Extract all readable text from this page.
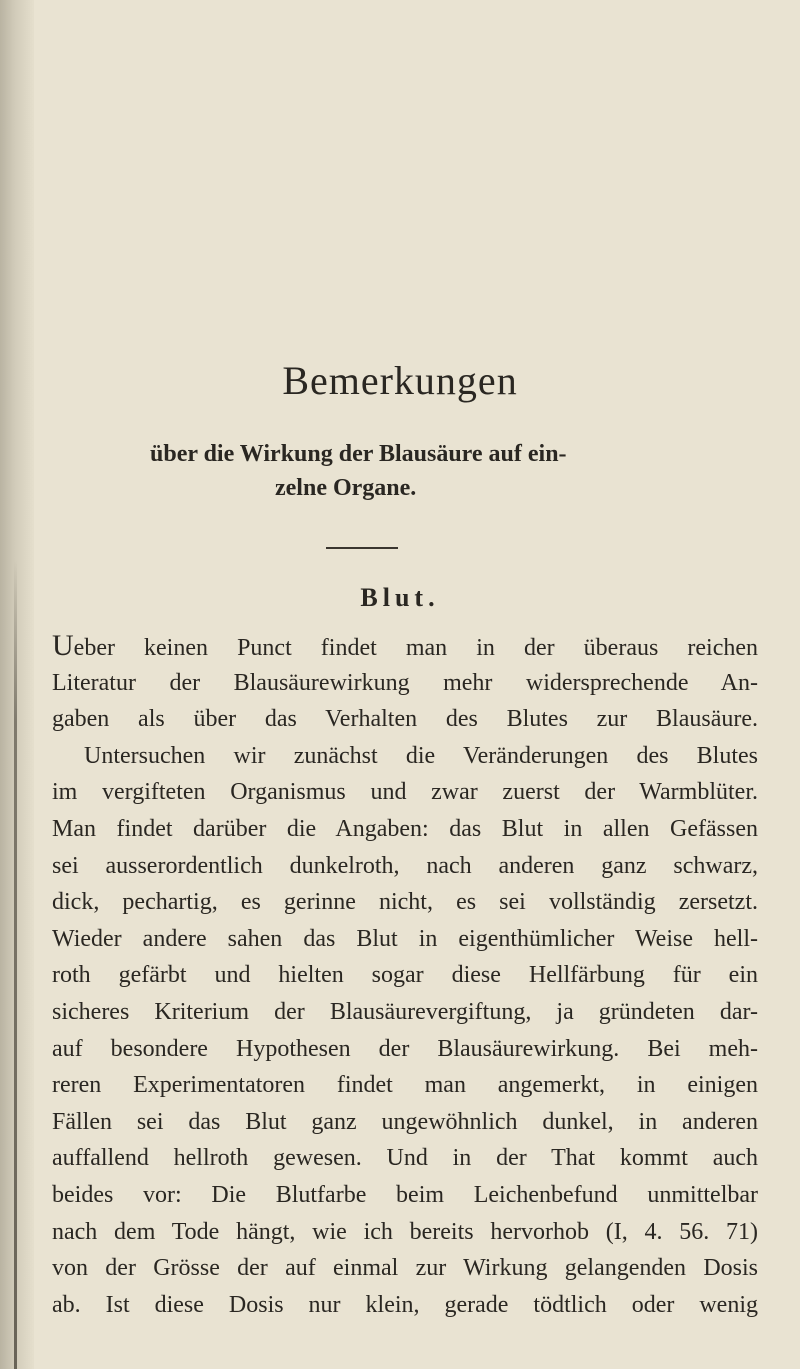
Bemerkungen
über die Wirkung der Blausäure auf ein-
zelne Organe.
Blut.
Ueber keinen Punct findet man in der überaus reichen
Literatur der Blausäurewirkung mehr widersprechende An-
gaben als über das Verhalten des Blutes zur Blausäure.
Untersuchen wir zunächst die Veränderungen des Blutes
im vergifteten Organismus und zwar zuerst der Warmblüter.
Man findet darüber die Angaben: das Blut in allen Gefässen
sei ausserordentlich dunkelroth, nach anderen ganz schwarz,
dick, pechartig, es gerinne nicht, es sei vollständig zersetzt.
Wieder andere sahen das Blut in eigenthümlicher Weise hell-
roth gefärbt und hielten sogar diese Hellfärbung für ein
sicheres Kriterium der Blausäurevergiftung, ja gründeten dar-
auf besondere Hypothesen der Blausäurewirkung. Bei meh-
reren Experimentatoren findet man angemerkt, in einigen
Fällen sei das Blut ganz ungewöhnlich dunkel, in anderen
auffallend hellroth gewesen. Und in der That kommt auch
beides vor: Die Blutfarbe beim Leichenbefund unmittelbar
nach dem Tode hängt, wie ich bereits hervorhob (I, 4. 56. 71)
von der Grösse der auf einmal zur Wirkung gelangenden Dosis
ab. Ist diese Dosis nur klein, gerade tödtlich oder wenig
